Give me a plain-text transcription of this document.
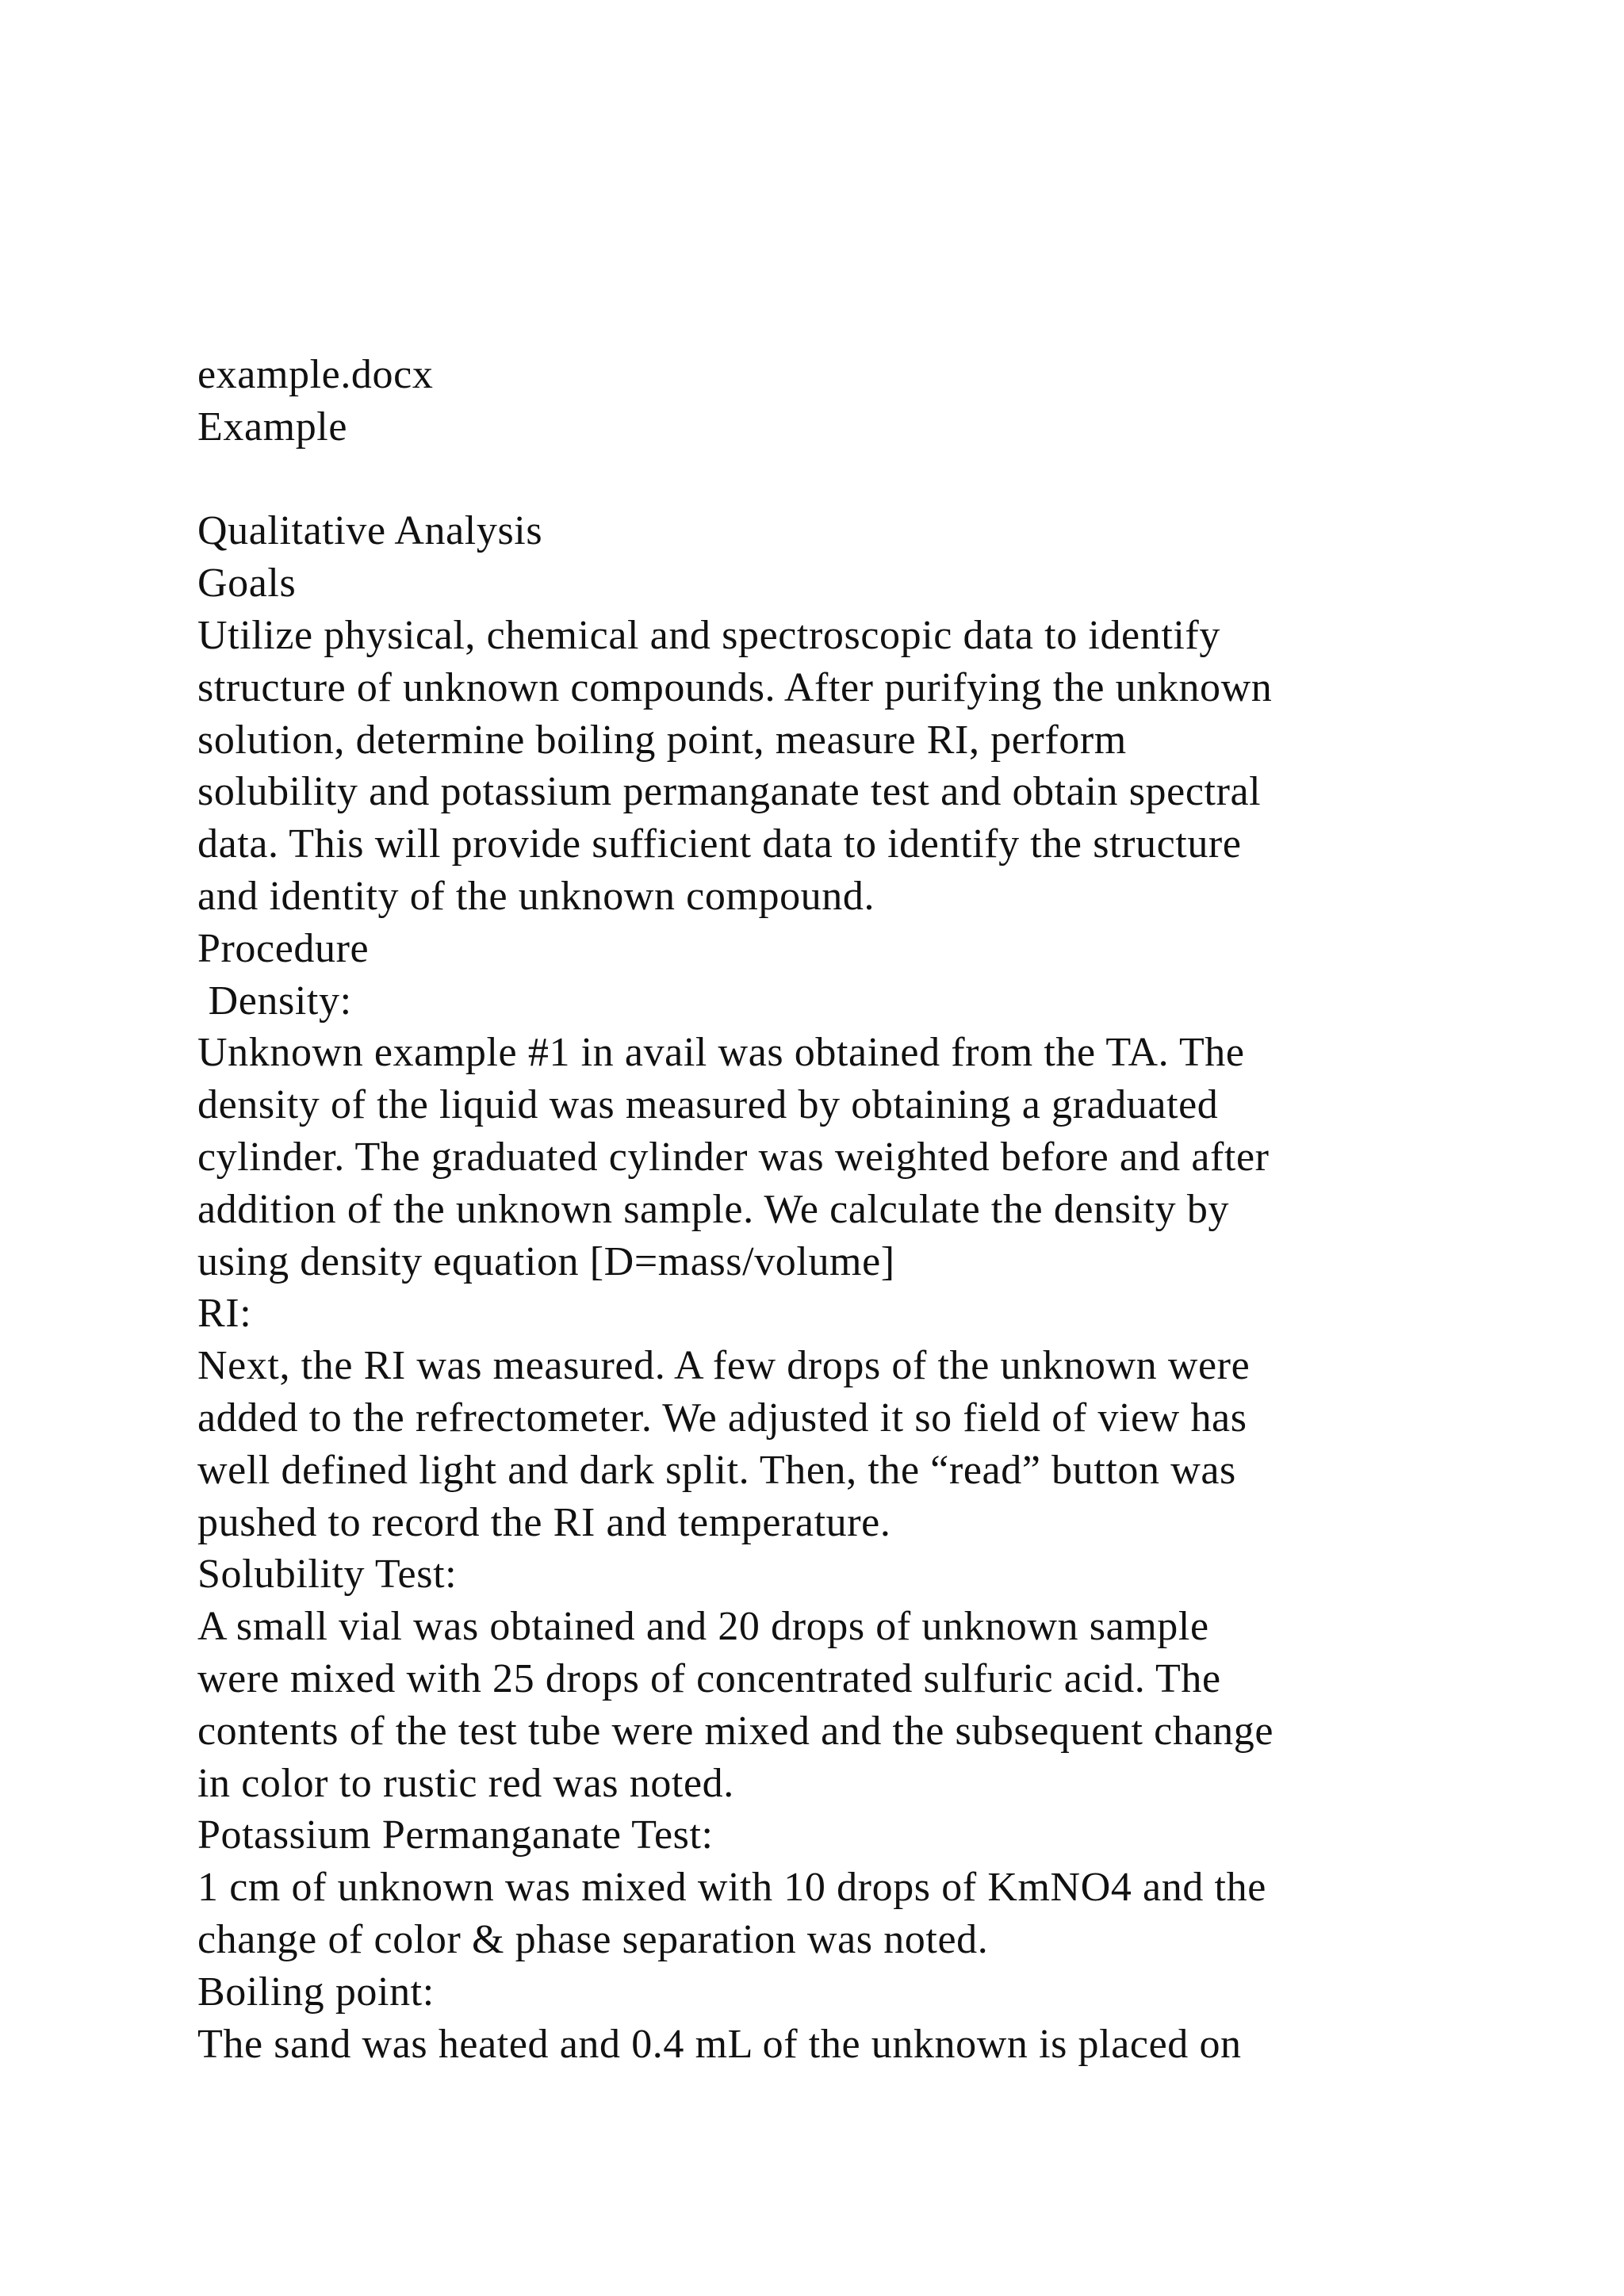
example.docx
Example
Qualitative Analysis
Goals
Utilize physical, chemical and spectroscopic data to identify
structure of unknown compounds. After purifying the unknown
solution, determine boiling point, measure RI, perform
solubility and potassium permanganate test and obtain spectral
data. This will provide sufficient data to identify the structure
and identity of the unknown compound.
Procedure
Density:
Unknown example #1 in avail was obtained from the TA. The
density of the liquid was measured by obtaining a graduated
cylinder. The graduated cylinder was weighted before and after
addition of the unknown sample. We calculate the density by
using density equation [D=mass/volume]
RI:
Next, the RI was measured. A few drops of the unknown were
added to the refrectometer. We adjusted it so field of view has
well defined light and dark split. Then, the “read” button was
pushed to record the RI and temperature.
Solubility Test:
A small vial was obtained and 20 drops of unknown sample
were mixed with 25 drops of concentrated sulfuric acid. The
contents of the test tube were mixed and the subsequent change
in color to rustic red was noted.
Potassium Permanganate Test:
1 cm of unknown was mixed with 10 drops of KmNO4 and the
change of color & phase separation was noted.
Boiling point:
The sand was heated and 0.4 mL of the unknown is placed on
